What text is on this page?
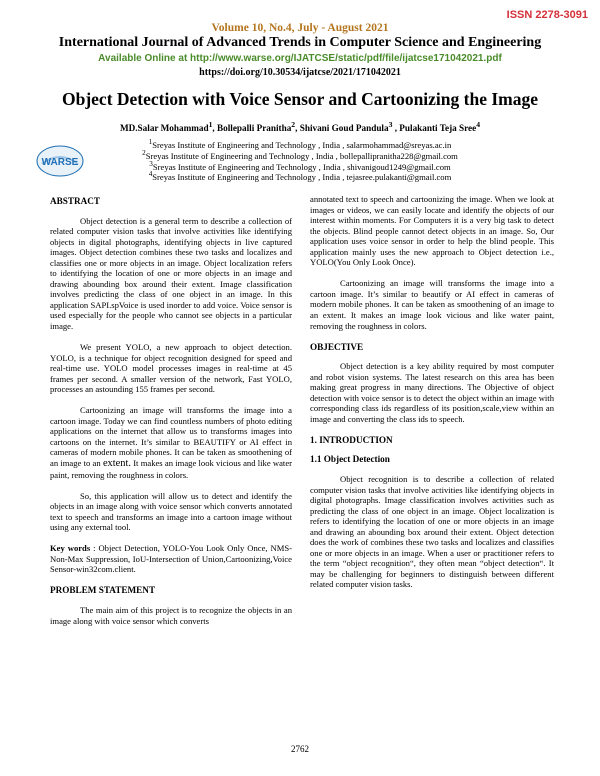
ISSN 2278-3091
Volume 10, No.4, July - August 2021
International Journal of Advanced Trends in Computer Science and Engineering
Available Online at http://www.warse.org/IJATCSE/static/pdf/file/ijatcse171042021.pdf
https://doi.org/10.30534/ijatcse/2021/171042021
WARSE
Object Detection with Voice Sensor and Cartoonizing the Image
MD.Salar Mohammad$^1$, Bollepalli Pranitha$^2$, Shivani Goud Pandula$^3$ , Pulakanti Teja Sree$^4$
$^1$Sreyas Institute of Engineering and Technology , India , salarmohammad@sreyas.ac.in
$^2$Sreyas Institute of Engineering and Technology , India , bollepallipranitha228@gmail.com
$^3$Sreyas Institute of Engineering and Technology , India , shivanigoud1249@gmail.com
$^4$Sreyas Institute of Engineering and Technology , India , tejasree.pulakanti@gmail.com
ABSTRACT

Object detection is a general term to describe a collection of related computer vision tasks that involve activities like identifying objects in digital photographs, identifying objects in live captured images. Object detection combines these two tasks and localizes and classifies one or more objects in an image. Object localization refers to identifying the location of one or more objects in an image and drawing abounding box around their extent. Image classification involves predicting the class of one object in an image. In this application SAPI.spVoice is used inorder to add voice. Voice sensor is used especially for the people who cannot see objects in a particular image.

We present YOLO, a new approach to object detection. YOLO, is a technique for object recognition designed for speed and real-time use. YOLO model processes images in real-time at 45 frames per second. A smaller version of the network, Fast YOLO, processes an astounding 155 frames per second.

Cartoonizing an image will transforms the image into a cartoon image. Today we can find countless numbers of photo editing applications on the internet that allow us to transforms images into cartoons on the internet. It’s similar to BEAUTIFY or AI effect in cameras of modern mobile phones. It can be taken as smoothening of an image to an extent. It makes an image look vicious and like water paint, removing the roughness in colors.

So, this application will allow us to detect and identify the objects in an image along with voice sensor which converts annotated text to speech and transforms an image into a cartoon image without using any external tool.

Key words : Object Detection, YOLO-You Look Only Once, NMS- Non-Max Suppression, IoU-Intersection of Union,Cartoonizing,Voice Sensor-win32com.client.

PROBLEM STATEMENT

The main aim of this project is to recognize the objects in an image along with voice sensor which converts

annotated text to speech and cartoonizing the image. When we look at images or videos, we can easily locate and identify the objects of our interest within moments. For Computers it is a very big task to detect the objects. Blind people cannot detect objects in an image. So, Our application uses voice sensor in order to help the blind people. This application mainly uses the new approach to Object detection i.e., YOLO(You Only Look Once).

Cartoonizing an image will transforms the image into a cartoon image. It’s similar to beautify or AI effect in cameras of modern mobile phones. It can be taken as smoothening of an image to an extent. It makes an image look vicious and like water paint, removing the roughness in colors.

OBJECTIVE

Object detection is a key ability required by most computer and robot vision systems. The latest research on this area has been making great progress in many directions. The Objective of object detection with voice sensor is to detect the object within an image with corresponding class ids regardless of its position,scale,view within an image and converting the class ids to speech.

1. INTRODUCTION
1.1 Object Detection

Object recognition is to describe a collection of related computer vision tasks that involve activities like identifying objects in digital photographs. Image classification involves activities such as predicting the class of one object in an image. Object localization is refers to identifying the location of one or more objects in an image and drawing an abounding box around their extent. Object detection does the work of combines these two tasks and localizes and classifies one or more objects in an image. When a user or practitioner refers to the term “object recognition“, they often mean “object detection“. It may be challenging for beginners to distinguish between different related computer vision tasks.

2762
